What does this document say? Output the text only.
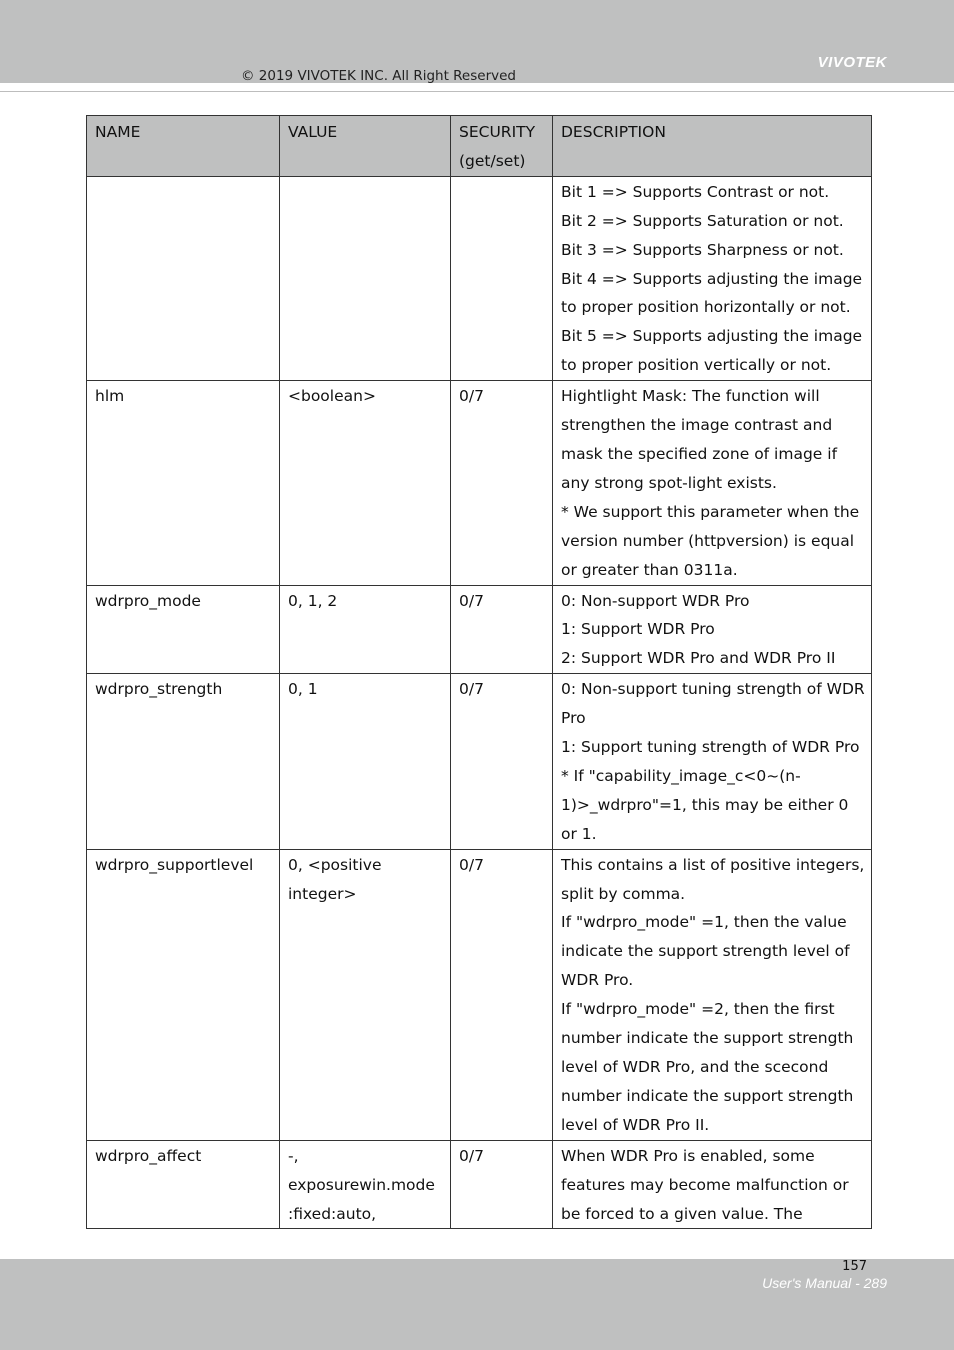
VIVOTEK
© 2019 VIVOTEK INC. All Right Reserved
NAME	VALUE	SECURITY (get/set)	DESCRIPTION

			Bit 1 => Supports Contrast or not.
Bit 2 => Supports Saturation or not.
Bit 3 => Supports Sharpness or not.
Bit 4 => Supports adjusting the image to proper position horizontally or not.
Bit 5 => Supports adjusting the image to proper position vertically or not.

hlm	<boolean>	0/7	Hightlight Mask: The function will strengthen the image contrast and mask the specified zone of image if any strong spot-light exists.
* We support this parameter when the version number (httpversion) is equal or greater than 0311a.

wdrpro_mode	0, 1, 2	0/7	0: Non-support WDR Pro
1: Support WDR Pro
2: Support WDR Pro and WDR Pro II

wdrpro_strength	0, 1	0/7	0: Non-support tuning strength of WDR Pro
1: Support tuning strength of WDR Pro
* If "capability_image_c<0~(n-1)>_wdrpro"=1, this may be either 0 or 1.

wdrpro_supportlevel	0, <positive integer>	0/7	This contains a list of positive integers, split by comma.
If "wdrpro_mode" =1, then the value indicate the support strength level of WDR Pro.
If "wdrpro_mode" =2, then the first number indicate the support strength level of WDR Pro, and the scecond number indicate the support strength level of WDR Pro II.

wdrpro_affect	-, exposurewin.mode :fixed:auto,	0/7	When WDR Pro is enabled, some features may become malfunction or be forced to a given value. The
157
User's Manual - 289
